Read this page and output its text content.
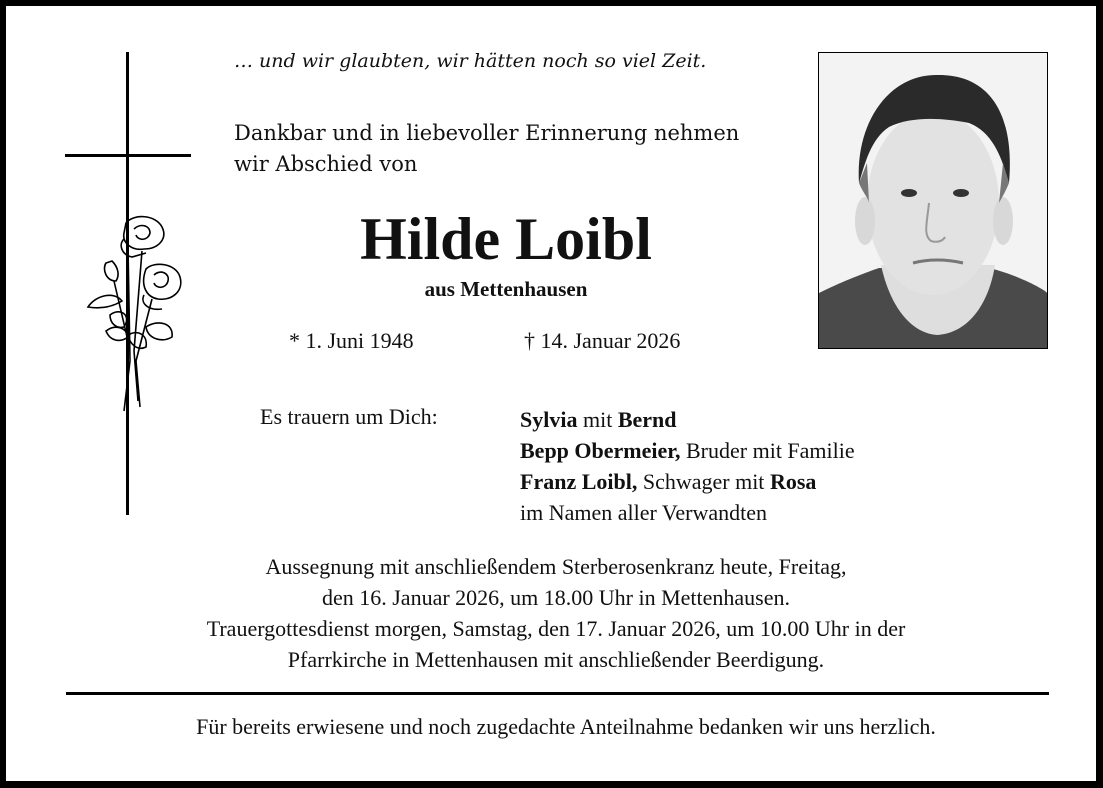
… und wir glaubten, wir hätten noch so viel Zeit.
Dankbar und in liebevoller Erinnerung nehmen
wir Abschied von
Hilde Loibl
aus Mettenhausen
* 1. Juni 1948	† 14. Januar 2026
Es trauern um Dich:	Sylvia mit Bernd
Bepp Obermeier, Bruder mit Familie
Franz Loibl, Schwager mit Rosa
im Namen aller Verwandten
Aussegnung mit anschließendem Sterberosenkranz heute, Freitag,
den 16. Januar 2026, um 18.00 Uhr in Mettenhausen.
Trauergottesdienst morgen, Samstag, den 17. Januar 2026, um 10.00 Uhr in der
Pfarrkirche in Mettenhausen mit anschließender Beerdigung.
Für bereits erwiesene und noch zugedachte Anteilnahme bedanken wir uns herzlich.
